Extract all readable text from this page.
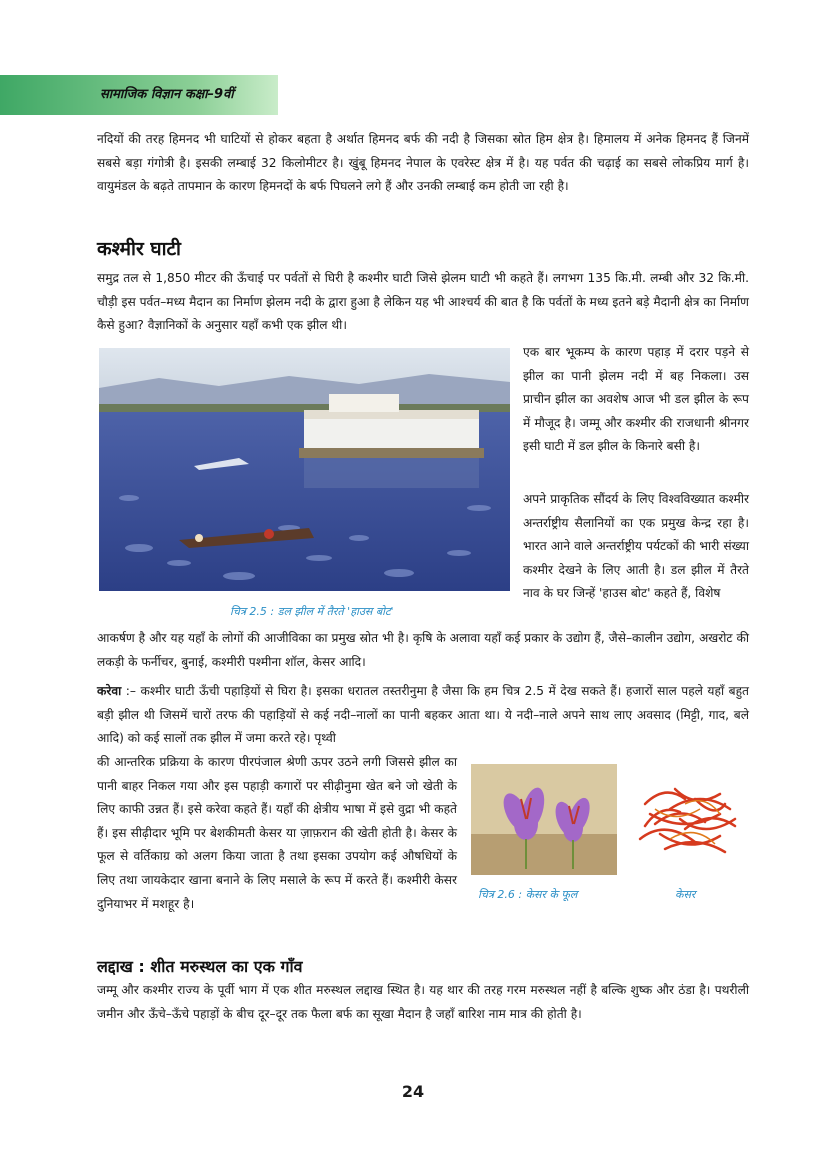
सामाजिक विज्ञान कक्षा–9वीं

नदियों की तरह हिमनद भी घाटियों से होकर बहता है अर्थात हिमनद बर्फ की नदी है जिसका स्रोत हिम क्षेत्र है। हिमालय में अनेक हिमनद हैं जिनमें सबसे बड़ा गंगोत्री है। इसकी लम्बाई 32 किलोमीटर है। खुंबू हिमनद नेपाल के एवरेस्ट क्षेत्र में है। यह पर्वत की चढ़ाई का सबसे लोकप्रिय मार्ग है। वायुमंडल के बढ़ते तापमान के कारण हिमनदों के बर्फ पिघलने लगे हैं और उनकी लम्बाई कम होती जा रही है।

कश्मीर घाटी

समुद्र तल से 1,850 मीटर की ऊँचाई पर पर्वतों से घिरी है कश्मीर घाटी जिसे झेलम घाटी भी कहते हैं। लगभग 135 कि.मी. लम्बी और 32 कि.मी. चौड़ी इस पर्वत–मध्य मैदान का निर्माण झेलम नदी के द्वारा हुआ है लेकिन यह भी आश्चर्य की बात है कि पर्वतों के मध्य इतने बड़े मैदानी क्षेत्र का निर्माण कैसे हुआ? वैज्ञानिकों के अनुसार यहाँ कभी एक झील थी।

एक बार भूकम्प के कारण पहाड़ में दरार पड़ने से झील का पानी झेलम नदी में बह निकला। उस प्राचीन झील का अवशेष आज भी डल झील के रूप में मौजूद है। जम्मू और कश्मीर की राजधानी श्रीनगर इसी घाटी में डल झील के किनारे बसी है।

अपने प्राकृतिक सौंदर्य के लिए विश्वविख्यात कश्मीर अन्तर्राष्ट्रीय सैलानियों का एक प्रमुख केन्द्र रहा है। भारत आने वाले अन्तर्राष्ट्रीय पर्यटकों की भारी संख्या कश्मीर देखने के लिए आती है। डल झील में तैरते नाव के घर जिन्हें 'हाउस बोट' कहते हैं, विशेष

चित्र 2.5 : डल झील में तैरते 'हाउस बोट'

आकर्षण है और यह यहाँ के लोगों की आजीविका का प्रमुख स्रोत भी है। कृषि के अलावा यहाँ कई प्रकार के उद्योग हैं, जैसे–कालीन उद्योग, अखरोट की लकड़ी के फर्नीचर, बुनाई, कश्मीरी पश्मीना शॉल, केसर आदि।

करेवा :– कश्मीर घाटी ऊँची पहाड़ियों से घिरा है। इसका धरातल तस्तरीनुमा है जैसा कि हम चित्र 2.5 में देख सकते हैं। हजारों साल पहले यहाँ बहुत बड़ी झील थी जिसमें चारों तरफ की पहाड़ियों से कई नदी–नालों का पानी बहकर आता था। ये नदी–नाले अपने साथ लाए अवसाद (मिट्टी, गाद, बले आदि) को कई सालों तक झील में जमा करते रहे। पृथ्वी

की आन्तरिक प्रक्रिया के कारण पीरपंजाल श्रेणी ऊपर उठने लगी जिससे झील का पानी बाहर निकल गया और इस पहाड़ी कगारों पर सीढ़ीनुमा खेत बने जो खेती के लिए काफी उन्नत हैं। इसे करेवा कहते हैं। यहाँ की क्षेत्रीय भाषा में इसे वुद्रा भी कहते हैं। इस सीढ़ीदार भूमि पर बेशकीमती केसर या ज़ाफ़रान की खेती होती है। केसर के फूल से वर्तिकाग्र को अलग किया जाता है तथा इसका उपयोग कई औषधियों के लिए तथा जायकेदार खाना बनाने के लिए मसाले के रूप में करते हैं। कश्मीरी केसर दुनियाभर में मशहूर है।

चित्र 2.6 : केसर के फूल	केसर
लद्दाख : शीत मरुस्थल का एक गाँव

जम्मू और कश्मीर राज्य के पूर्वी भाग में एक शीत मरुस्थल लद्दाख स्थित है। यह थार की तरह गरम मरुस्थल नहीं है बल्कि शुष्क और ठंडा है। पथरीली जमीन और ऊँचे–ऊँचे पहाड़ों के बीच दूर–दूर तक फैला बर्फ का सूखा मैदान है जहाँ बारिश नाम मात्र की होती है।

24
